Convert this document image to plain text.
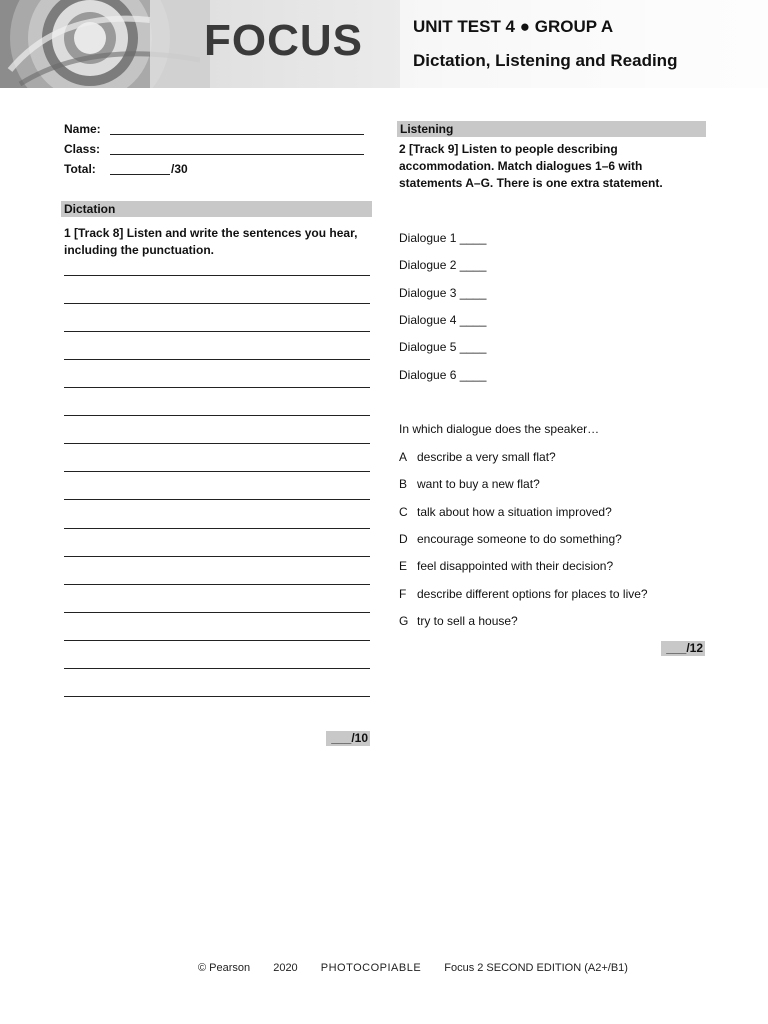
FOCUS	UNIT TEST 4 ● GROUP A
Dictation, Listening and Reading
Name:
Class:
Total:	/30
Dictation
1 [Track 8] Listen and write the sentences you hear, including the punctuation.
___/10
Listening
2 [Track 9] Listen to people describing accommodation. Match dialogues 1–6 with statements A–G. There is one extra statement.
Dialogue 1 ____
Dialogue 2 ____
Dialogue 3 ____
Dialogue 4 ____
Dialogue 5 ____
Dialogue 6 ____
In which dialogue does the speaker…
A describe a very small flat?
B want to buy a new flat?
C talk about how a situation improved?
D encourage someone to do something?
E feel disappointed with their decision?
F describe different options for places to live?
G try to sell a house?
___/12
© Pearson 2020 PHOTOCOPIABLE Focus 2 SECOND EDITION (A2+/B1)
